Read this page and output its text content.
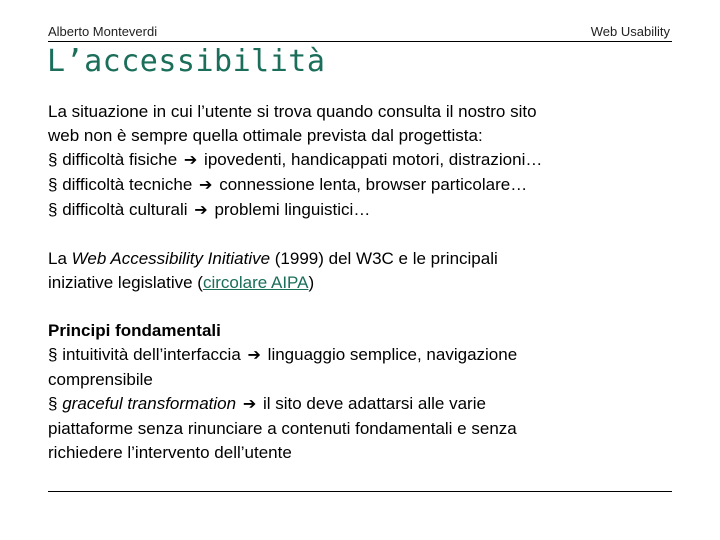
Alberto Monteverdi	Web Usability
L’accessibilità

La situazione in cui l’utente si trova quando consulta il nostro sito

web non è sempre quella ottimale prevista dal progettista:

§ difficoltà fisiche ➔ ipovedenti, handicappati motori, distrazioni…

§ difficoltà tecniche ➔ connessione lenta, browser particolare…

§ difficoltà culturali ➔ problemi linguistici…

La Web Accessibility Initiative (1999) del W3C e le principali

iniziative legislative (circolare AIPA)

Principi fondamentali

§ intuitività dell’interfaccia ➔ linguaggio semplice, navigazione

comprensibile

§ graceful transformation ➔ il sito deve adattarsi alle varie

piattaforme senza rinunciare a contenuti fondamentali e senza

richiedere l’intervento dell’utente
